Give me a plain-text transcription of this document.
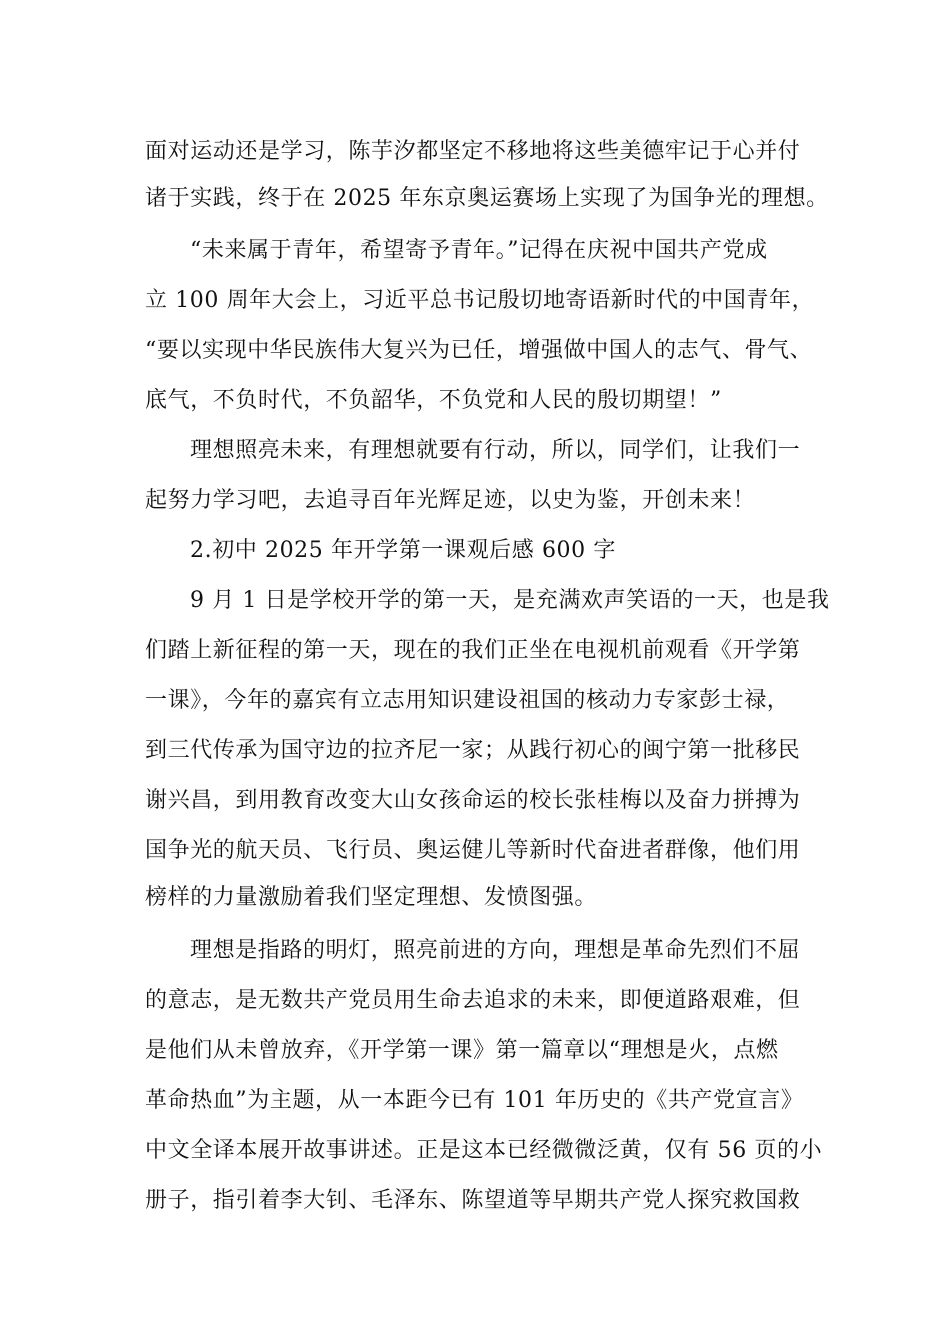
面对运动还是学习，陈芋汐都坚定不移地将这些美德牢记于心并付
诸于实践，终于在 2025 年东京奥运赛场上实现了为国争光的理想。
“未来属于青年，希望寄予青年。”记得在庆祝中国共产党成
立 100 周年大会上，习近平总书记殷切地寄语新时代的中国青年，
“要以实现中华民族伟大复兴为已任，增强做中国人的志气、骨气、
底气，不负时代，不负韶华，不负党和人民的殷切期望！”
理想照亮未来，有理想就要有行动，所以，同学们，让我们一
起努力学习吧，去追寻百年光辉足迹，以史为鉴，开创未来！
2.初中 2025 年开学第一课观后感 600 字
9 月 1 日是学校开学的第一天，是充满欢声笑语的一天，也是我
们踏上新征程的第一天，现在的我们正坐在电视机前观看《开学第
一课》，今年的嘉宾有立志用知识建设祖国的核动力专家彭士禄，
到三代传承为国守边的拉齐尼一家；从践行初心的闽宁第一批移民
谢兴昌，到用教育改变大山女孩命运的校长张桂梅以及奋力拼搏为
国争光的航天员、飞行员、奥运健儿等新时代奋进者群像，他们用
榜样的力量激励着我们坚定理想、发愤图强。
理想是指路的明灯，照亮前进的方向，理想是革命先烈们不屈
的意志，是无数共产党员用生命去追求的未来，即便道路艰难，但
是他们从未曾放弃，《开学第一课》第一篇章以“理想是火，点燃
革命热血”为主题，从一本距今已有 101 年历史的《共产党宣言》
中文全译本展开故事讲述。正是这本已经微微泛黄，仅有 56 页的小
册子，指引着李大钊、毛泽东、陈望道等早期共产党人探究救国救
